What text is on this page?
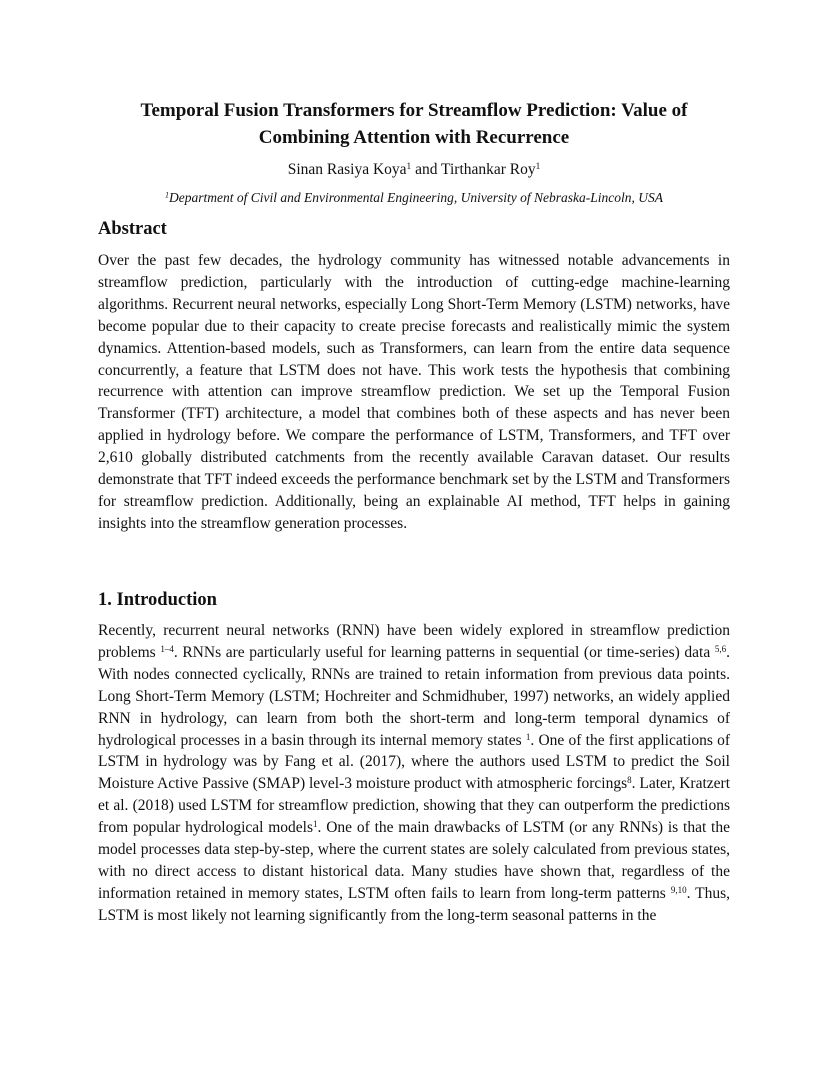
Temporal Fusion Transformers for Streamflow Prediction: Value of
Combining Attention with Recurrence
Sinan Rasiya Koya$^1$ and Tirthankar Roy$^1$
$^1$Department of Civil and Environmental Engineering, University of Nebraska-Lincoln, USA
Abstract

Over the past few decades, the hydrology community has witnessed notable advancements in streamflow prediction, particularly with the introduction of cutting-edge machine-learning algorithms. Recurrent neural networks, especially Long Short-Term Memory (LSTM) networks, have become popular due to their capacity to create precise forecasts and realistically mimic the system dynamics. Attention-based models, such as Transformers, can learn from the entire data sequence concurrently, a feature that LSTM does not have. This work tests the hypothesis that combining recurrence with attention can improve streamflow prediction. We set up the Temporal Fusion Transformer (TFT) architecture, a model that combines both of these aspects and has never been applied in hydrology before. We compare the performance of LSTM, Transformers, and TFT over 2,610 globally distributed catchments from the recently available Caravan dataset. Our results demonstrate that TFT indeed exceeds the performance benchmark set by the LSTM and Transformers for streamflow prediction. Additionally, being an explainable AI method, TFT helps in gaining insights into the streamflow generation processes.

1. Introduction

Recently, recurrent neural networks (RNN) have been widely explored in streamflow prediction problems $^{1-4}$. RNNs are particularly useful for learning patterns in sequential (or time-series) data $^{5,6}$. With nodes connected cyclically, RNNs are trained to retain information from previous data points. Long Short-Term Memory (LSTM; Hochreiter and Schmidhuber, 1997) networks, an widely applied RNN in hydrology, can learn from both the short-term and long-term temporal dynamics of hydrological processes in a basin through its internal memory states $^1$. One of the first applications of LSTM in hydrology was by Fang et al. (2017), where the authors used LSTM to predict the Soil Moisture Active Passive (SMAP) level-3 moisture product with atmospheric forcings$^8$. Later, Kratzert et al. (2018) used LSTM for streamflow prediction, showing that they can outperform the predictions from popular hydrological models$^1$. One of the main drawbacks of LSTM (or any RNNs) is that the model processes data step-by-step, where the current states are solely calculated from previous states, with no direct access to distant historical data. Many studies have shown that, regardless of the information retained in memory states, LSTM often fails to learn from long-term patterns $^{9,10}$. Thus, LSTM is most likely not learning significantly from the long-term seasonal patterns in the
